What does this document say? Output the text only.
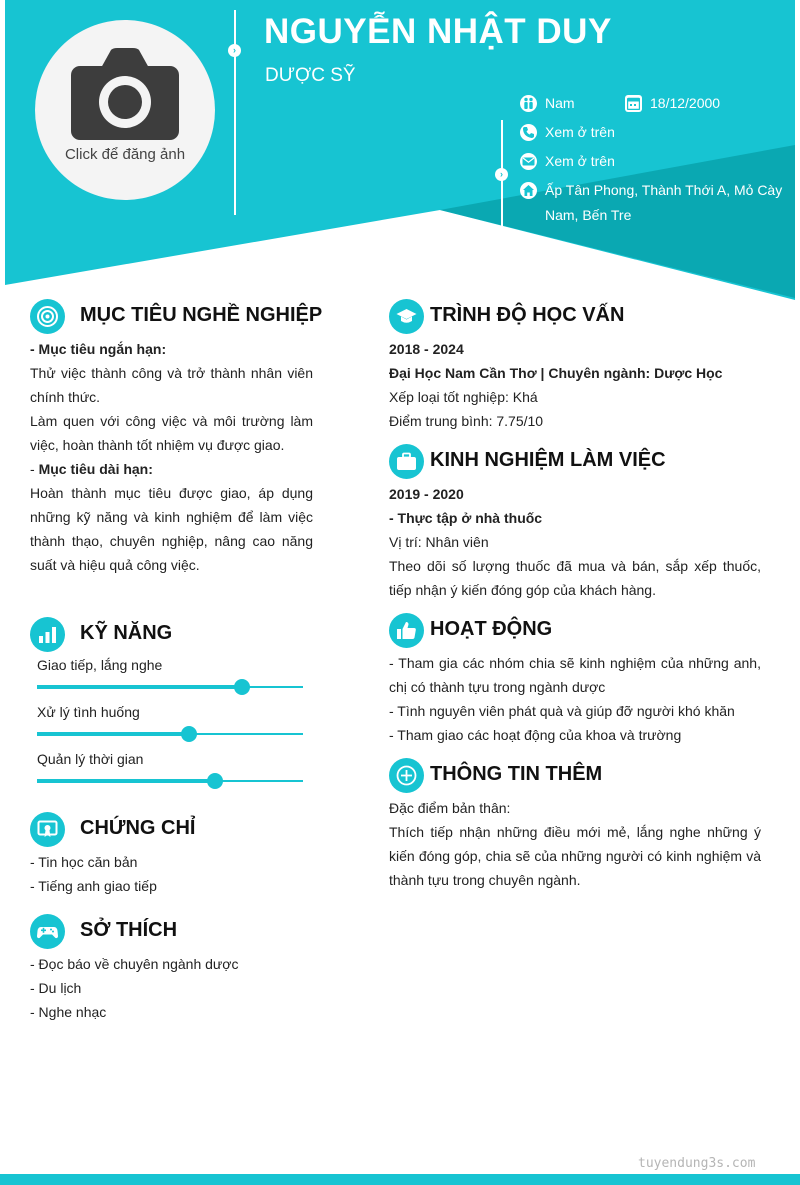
Click để đăng ảnh
› NGUYỄN NHẬT DUY
DƯỢC SỸ
›
Nam	18/12/2000
Xem ở trên
Xem ở trên
Ấp Tân Phong, Thành Thới A, Mỏ Cày
Nam, Bến Tre
MỤC TIÊU NGHỀ NGHIỆP
- Mục tiêu ngắn hạn:
Thử việc thành công và trở thành nhân viên chính thức.
Làm quen với công việc và môi trường làm việc, hoàn thành tốt nhiệm vụ được giao.
- Mục tiêu dài hạn:
Hoàn thành mục tiêu được giao, áp dụng những kỹ năng và kinh nghiệm để làm việc thành thạo, chuyên nghiệp, nâng cao năng suất và hiệu quả công việc.
KỸ NĂNG
Giao tiếp, lắng nghe
Xử lý tình huống
Quản lý thời gian
CHỨNG CHỈ
- Tin học căn bản
- Tiếng anh giao tiếp
SỞ THÍCH
- Đọc báo về chuyên ngành dược
- Du lịch
- Nghe nhạc
TRÌNH ĐỘ HỌC VẤN
2018 - 2024
Đại Học Nam Cần Thơ | Chuyên ngành: Dược Học
Xếp loại tốt nghiệp: Khá
Điểm trung bình: 7.75/10
KINH NGHIỆM LÀM VIỆC
2019 - 2020
- Thực tập ở nhà thuốc
Vị trí: Nhân viên
Theo dõi số lượng thuốc đã mua và bán, sắp xếp thuốc, tiếp nhận ý kiến đóng góp của khách hàng.
HOẠT ĐỘNG
- Tham gia các nhóm chia sẽ kinh nghiệm của những anh, chị có thành tựu trong ngành dược
- Tình nguyên viên phát quà và giúp đỡ người khó khăn
- Tham giao các hoạt động của khoa và trường
THÔNG TIN THÊM
Đặc điểm bản thân:
Thích tiếp nhận những điều mới mẻ, lắng nghe những ý kiến đóng góp, chia sẽ của những người có kinh nghiệm và thành tựu trong chuyên ngành.
tuyendung3s.com
